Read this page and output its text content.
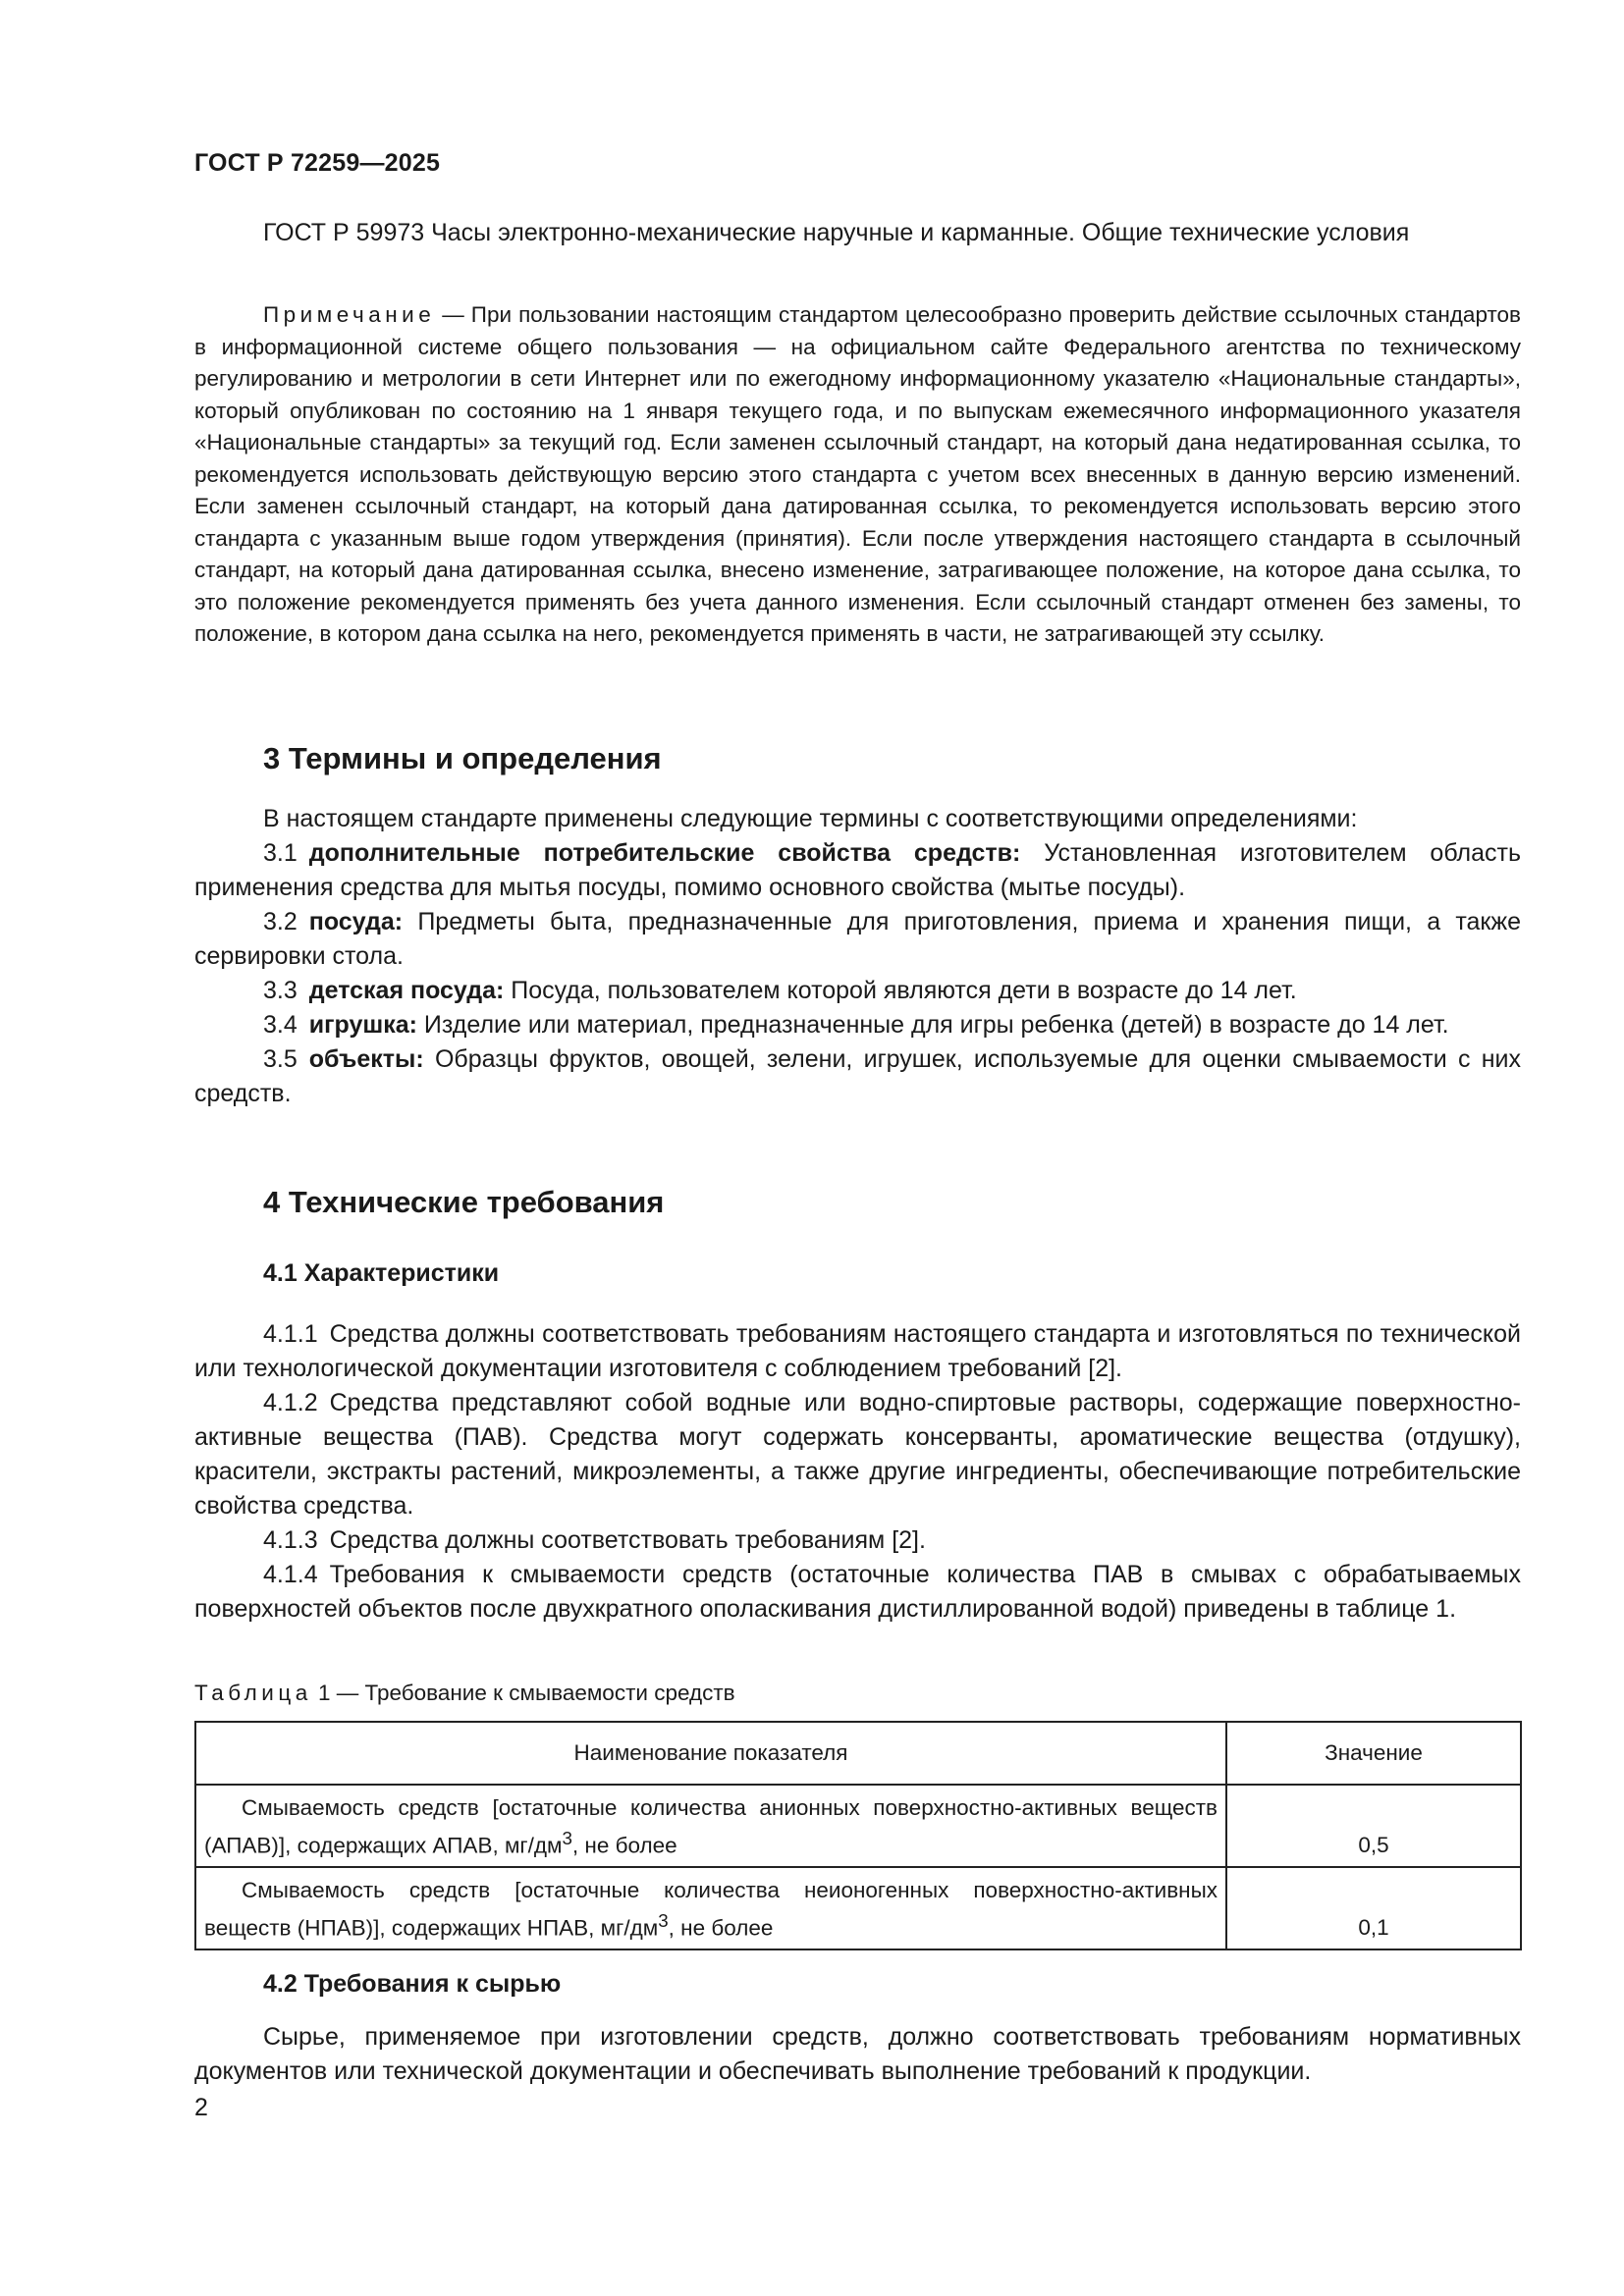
ГОСТ Р 72259—2025

ГОСТ Р 59973 Часы электронно-механические наручные и карманные. Общие технические условия

Примечание — При пользовании настоящим стандартом целесообразно проверить действие ссылочных стандартов в информационной системе общего пользования — на официальном сайте Федерального агентства по техническому регулированию и метрологии в сети Интернет или по ежегодному информационному указателю «Национальные стандарты», который опубликован по состоянию на 1 января текущего года, и по выпускам ежемесячного информационного указателя «Национальные стандарты» за текущий год. Если заменен ссылочный стандарт, на который дана недатированная ссылка, то рекомендуется использовать действующую версию этого стандарта с учетом всех внесенных в данную версию изменений. Если заменен ссылочный стандарт, на который дана датированная ссылка, то рекомендуется использовать версию этого стандарта с указанным выше годом утверждения (принятия). Если после утверждения настоящего стандарта в ссылочный стандарт, на который дана датированная ссылка, внесено изменение, затрагивающее положение, на которое дана ссылка, то это положение рекомендуется применять без учета данного изменения. Если ссылочный стандарт отменен без замены, то положение, в котором дана ссылка на него, рекомендуется применять в части, не затрагивающей эту ссылку.

3 Термины и определения

В настоящем стандарте применены следующие термины с соответствующими определениями:

3.1 дополнительные потребительские свойства средств: Установленная изготовителем область применения средства для мытья посуды, помимо основного свойства (мытье посуды).

3.2 посуда: Предметы быта, предназначенные для приготовления, приема и хранения пищи, а также сервировки стола.

3.3 детская посуда: Посуда, пользователем которой являются дети в возрасте до 14 лет.

3.4 игрушка: Изделие или материал, предназначенные для игры ребенка (детей) в возрасте до 14 лет.

3.5 объекты: Образцы фруктов, овощей, зелени, игрушек, используемые для оценки смываемости с них средств.

4 Технические требования
4.1 Характеристики

4.1.1 Средства должны соответствовать требованиям настоящего стандарта и изготовляться по технической или технологической документации изготовителя с соблюдением требований [2].

4.1.2 Средства представляют собой водные или водно-спиртовые растворы, содержащие поверхностно-активные вещества (ПАВ). Средства могут содержать консерванты, ароматические вещества (отдушку), красители, экстракты растений, микроэлементы, а также другие ингредиенты, обеспечивающие потребительские свойства средства.

4.1.3 Средства должны соответствовать требованиям [2].

4.1.4 Требования к смываемости средств (остаточные количества ПАВ в смывах с обрабатываемых поверхностей объектов после двухкратного ополаскивания дистиллированной водой) приведены в таблице 1.

Таблица 1 — Требование к смываемости средств
Наименование показателя	Значение

Смываемость средств [остаточные количества анионных поверхностно-активных веществ (АПАВ)], содержащих АПАВ, $мг/дм^3$, не более	0,5

Смываемость средств [остаточные количества неионогенных поверхностно-активных веществ (НПАВ)], содержащих НПАВ, $мг/дм^3$, не более	0,1
4.2 Требования к сырью

Сырье, применяемое при изготовлении средств, должно соответствовать требованиям нормативных документов или технической документации и обеспечивать выполнение требований к продукции.

2
